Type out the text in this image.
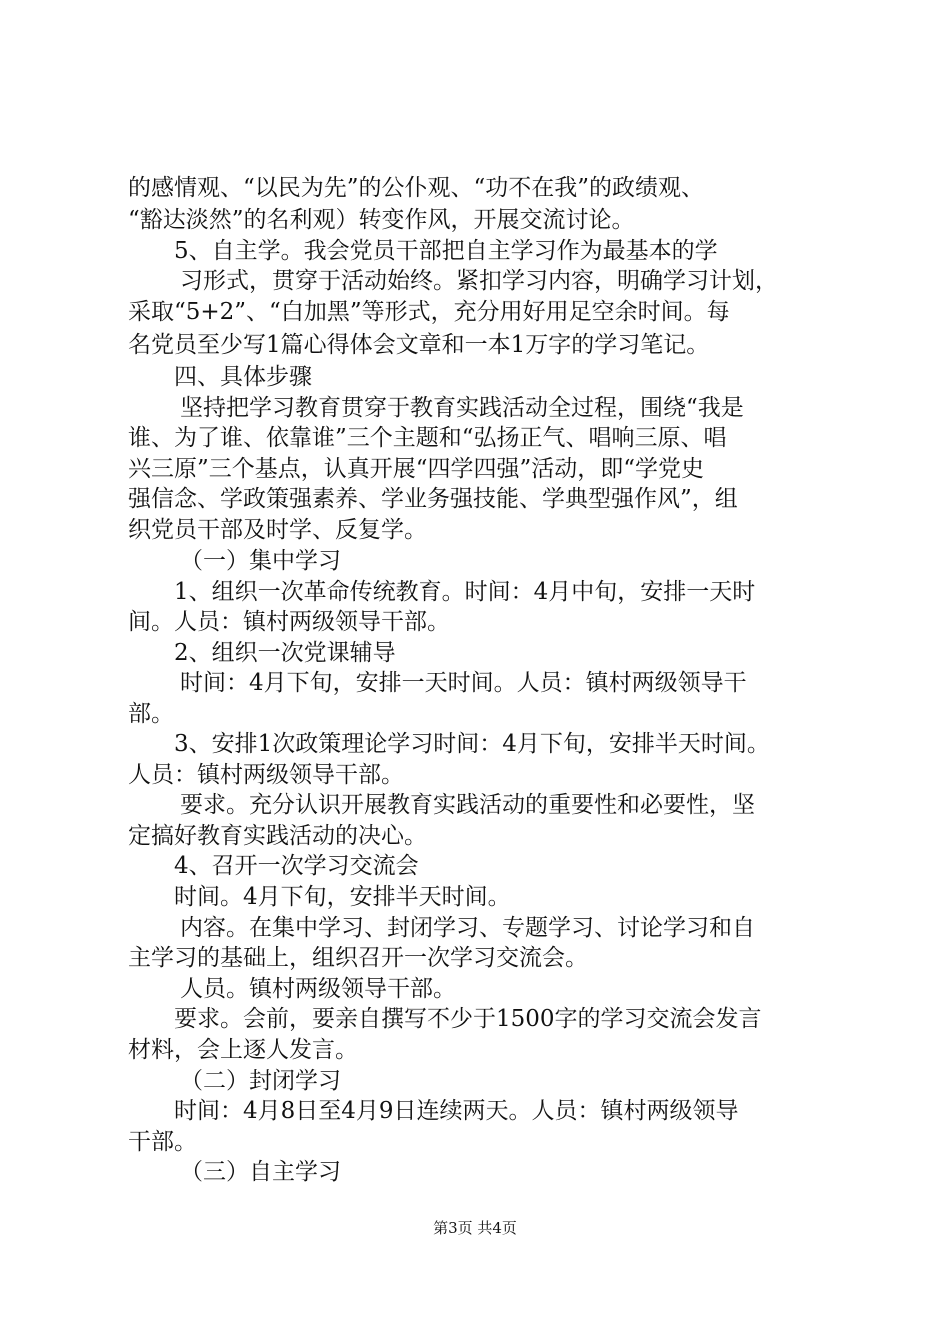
的感情观、“以民为先”的公仆观、“功不在我”的政绩观、
“豁达淡然”的名利观）转变作风，开展交流讨论。
5、自主学。我会党员干部把自主学习作为最基本的学
习形式，贯穿于活动始终。紧扣学习内容，明确学习计划，
采取“5+2”、“白加黑”等形式，充分用好用足空余时间。每
名党员至少写1篇心得体会文章和一本1万字的学习笔记。
四、具体步骤
坚持把学习教育贯穿于教育实践活动全过程，围绕“我是
谁、为了谁、依靠谁”三个主题和“弘扬正气、唱响三原、唱
兴三原”三个基点，认真开展“四学四强”活动，即“学党史
强信念、学政策强素养、学业务强技能、学典型强作风”，组
织党员干部及时学、反复学。
（一）集中学习
1、组织一次革命传统教育。时间：4月中旬，安排一天时
间。人员：镇村两级领导干部。
2、组织一次党课辅导
时间：4月下旬，安排一天时间。人员：镇村两级领导干
部。
3、安排1次政策理论学习时间：4月下旬，安排半天时间。
人员：镇村两级领导干部。
要求。充分认识开展教育实践活动的重要性和必要性，坚
定搞好教育实践活动的决心。
4、召开一次学习交流会
时间。4月下旬，安排半天时间。
内容。在集中学习、封闭学习、专题学习、讨论学习和自
主学习的基础上，组织召开一次学习交流会。
人员。镇村两级领导干部。
要求。会前，要亲自撰写不少于1500字的学习交流会发言
材料，会上逐人发言。
（二）封闭学习
时间：4月8日至4月9日连续两天。人员：镇村两级领导
干部。
（三）自主学习
第3页 共4页
